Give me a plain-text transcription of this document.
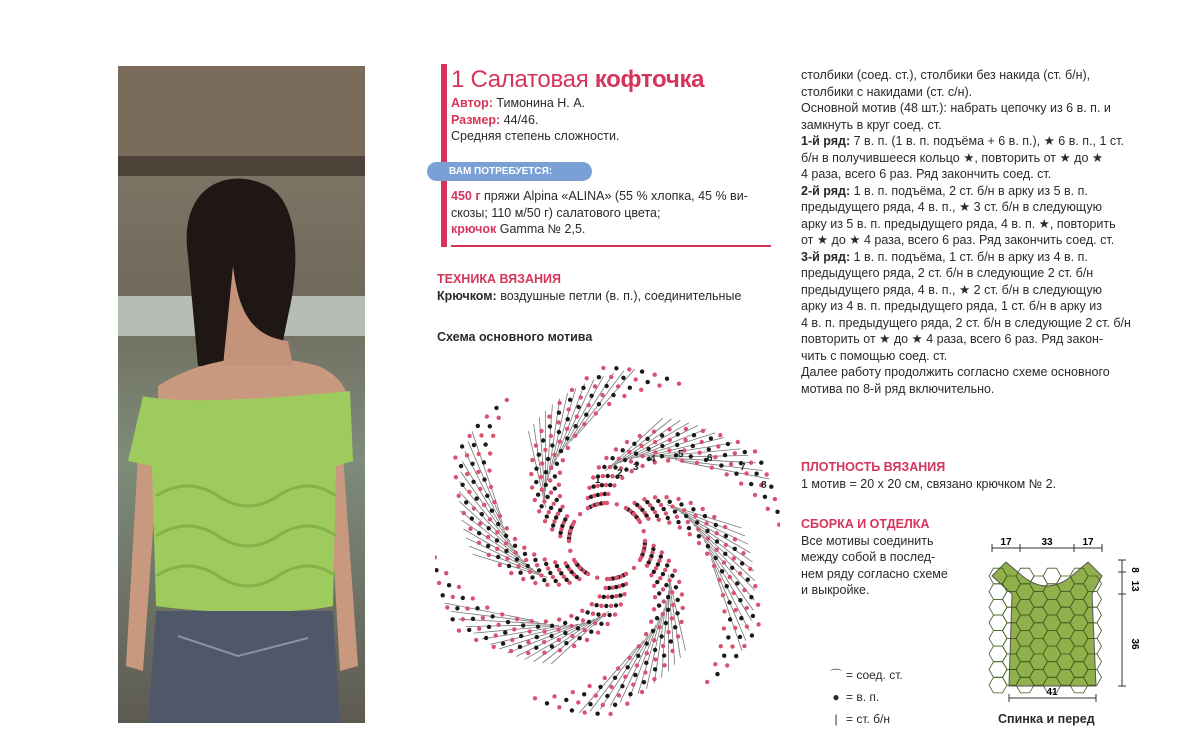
1 Салатовая кофточка
Автор: Тимонина Н. А.
Размер: 44/46.
Средняя степень сложности.
ВАМ ПОТРЕБУЕТСЯ:
450 г пряжи Alpina «ALINA» (55 % хлопка, 45 % ви-
скозы; 110 м/50 г) салатового цвета;
крючок Gamma № 2,5.
ТЕХНИКА ВЯЗАНИЯ
Крючком: воздушные петли (в. п.), соединительные
Схема основного мотива
1
2
3
4 5 6
7
8

столбики (соед. ст.), столбики без накида (ст. б/н),

столбики с накидами (ст. с/н).

Основной мотив (48 шт.): набрать цепочку из 6 в. п. и

замкнуть в круг соед. ст.

1-й ряд: 7 в. п. (1 в. п. подъёма + 6 в. п.), ★ 6 в. п., 1 ст.

б/н в получившееся кольцо ★, повторить от ★ до ★

4 раза, всего 6 раз. Ряд закончить соед. ст.

2-й ряд: 1 в. п. подъёма, 2 ст. б/н в арку из 5 в. п.

предыдущего ряда, 4 в. п., ★ 3 ст. б/н в следующую

арку из 5 в. п. предыдущего ряда, 4 в. п. ★, повторить

от ★ до ★ 4 раза, всего 6 раз. Ряд закончить соед. ст.

3-й ряд: 1 в. п. подъёма, 1 ст. б/н в арку из 4 в. п.

предыдущего ряда, 2 ст. б/н в следующие 2 ст. б/н

предыдущего ряда, 4 в. п., ★ 2 ст. б/н в следующую

арку из 4 в. п. предыдущего ряда, 1 ст. б/н в арку из

4 в. п. предыдущего ряда, 2 ст. б/н в следующие 2 ст. б/н

повторить от ★ до ★ 4 раза, всего 6 раз. Ряд закон-

чить с помощью соед. ст.

Далее работу продолжить согласно схеме основного

мотива по 8-й ряд включительно.

ПЛОТНОСТЬ ВЯЗАНИЯ
1 мотив = 20 х 20 см, связано крючком № 2.
СБОРКА И ОТДЕЛКА
Все мотивы соединить
между собой в послед-
нем ряду согласно схеме
и выкройке.
17	33	17
8
13
36
41
Спинка и перед
⌒ = соед. ст.
● = в. п.
| = ст. б/н
